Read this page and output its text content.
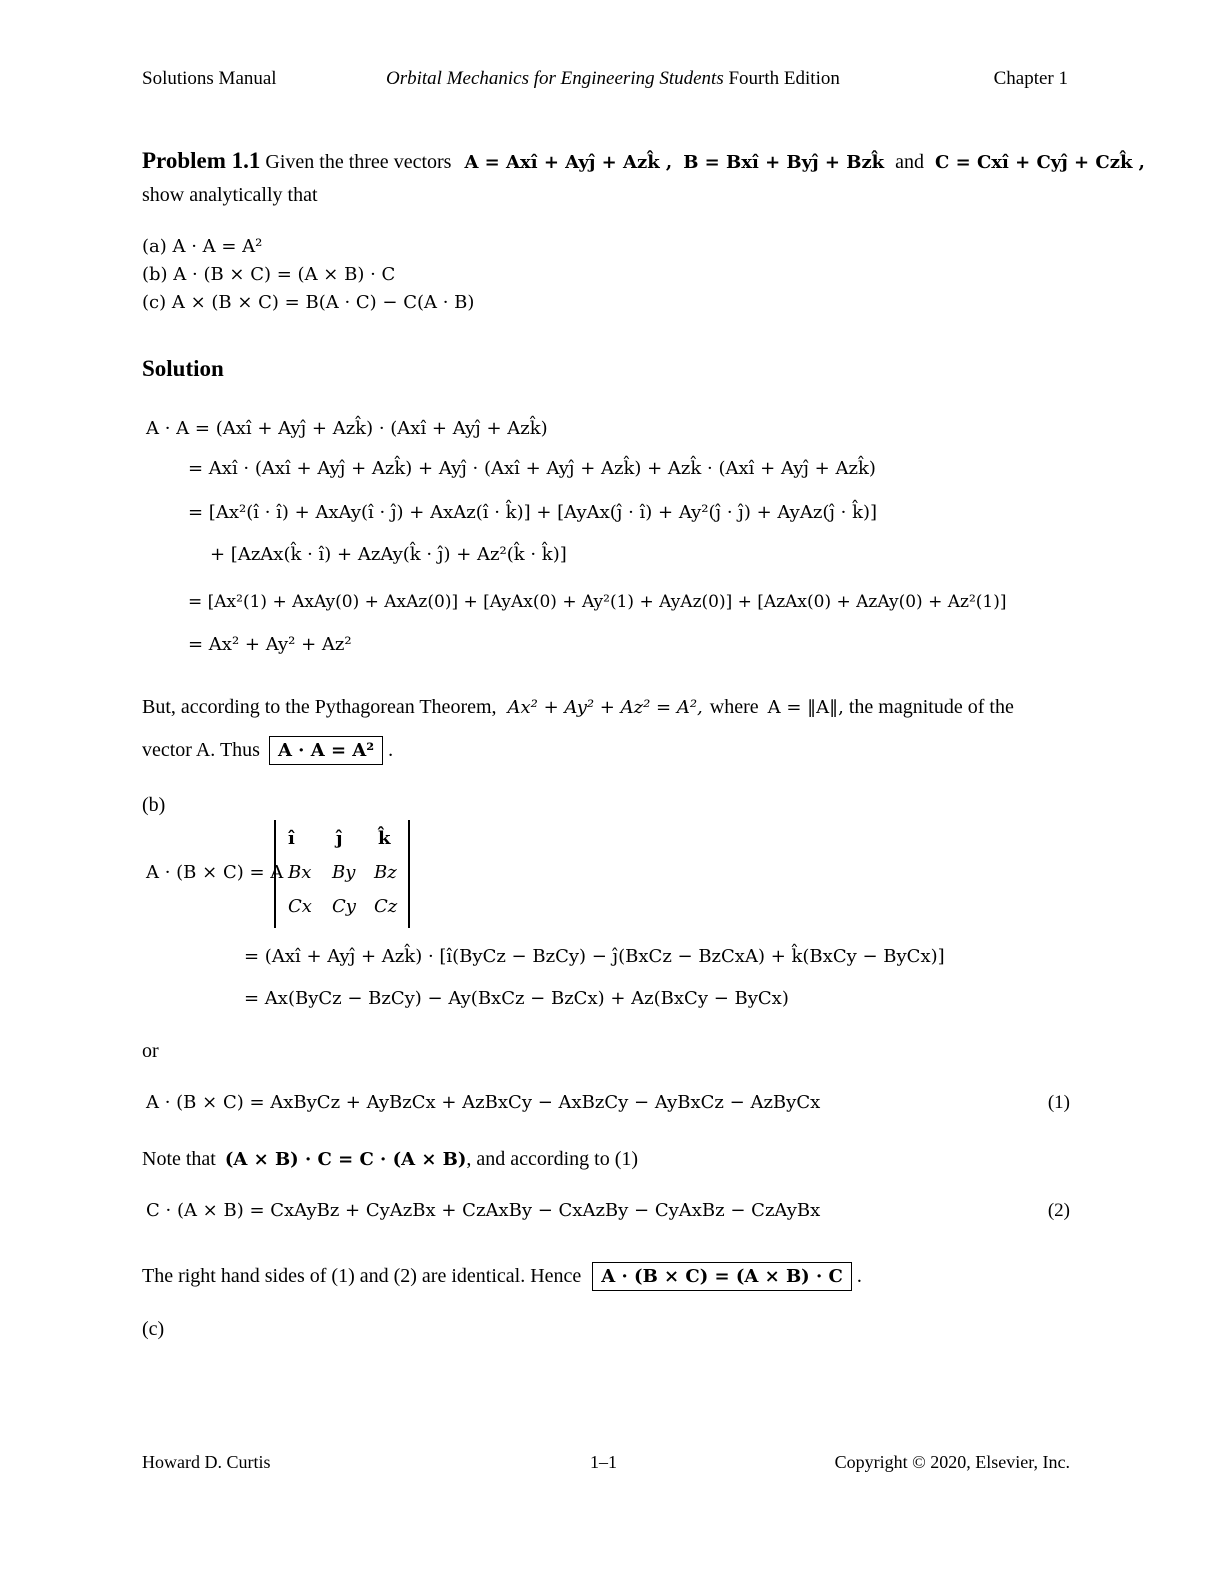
Solutions Manual	Orbital Mechanics for Engineering Students Fourth Edition	Chapter 1
Problem 1.1 Given the three vectors A = Axî + Ayĵ + Azk̂ , B = Bxî + Byĵ + Bzk̂ and C = Cxî + Cyĵ + Czk̂ ,
show analytically that
(a) A · A = A²
(b) A · (B × C) = (A × B) · C
(c) A × (B × C) = B(A · C) − C(A · B)
Solution
A · A = (Axî + Ayĵ + Azk̂) · (Axî + Ayĵ + Azk̂)
= Axî · (Axî + Ayĵ + Azk̂) + Ayĵ · (Axî + Ayĵ + Azk̂) + Azk̂ · (Axî + Ayĵ + Azk̂)
= [Ax²(î · î) + AxAy(î · ĵ) + AxAz(î · k̂)] + [AyAx(ĵ · î) + Ay²(ĵ · ĵ) + AyAz(ĵ · k̂)]
+ [AzAx(k̂ · î) + AzAy(k̂ · ĵ) + Az²(k̂ · k̂)]
= [Ax²(1) + AxAy(0) + AxAz(0)] + [AyAx(0) + Ay²(1) + AyAz(0)] + [AzAx(0) + AzAy(0) + Az²(1)]
= Ax² + Ay² + Az²
But, according to the Pythagorean Theorem, Ax² + Ay² + Az² = A², where A = ‖A‖, the magnitude of the
vector A. Thus A · A = A² .
(b)
A · (B × C) = A ·
î ĵ k̂
Bx By Bz
Cx Cy Cz
= (Axî + Ayĵ + Azk̂) · [î(ByCz − BzCy) − ĵ(BxCz − BzCxA) + k̂(BxCy − ByCx)]
= Ax(ByCz − BzCy) − Ay(BxCz − BzCx) + Az(BxCy − ByCx)
or
A · (B × C) = AxByCz + AyBzCx + AzBxCy − AxBzCy − AyBxCz − AzByCx	(1)
Note that (A × B) · C = C · (A × B), and according to (1)
C · (A × B) = CxAyBz + CyAzBx + CzAxBy − CxAzBy − CyAxBz − CzAyBx	(2)
The right hand sides of (1) and (2) are identical. Hence A · (B × C) = (A × B) · C .
(c)
Howard D. Curtis	1–1	Copyright © 2020, Elsevier, Inc.
